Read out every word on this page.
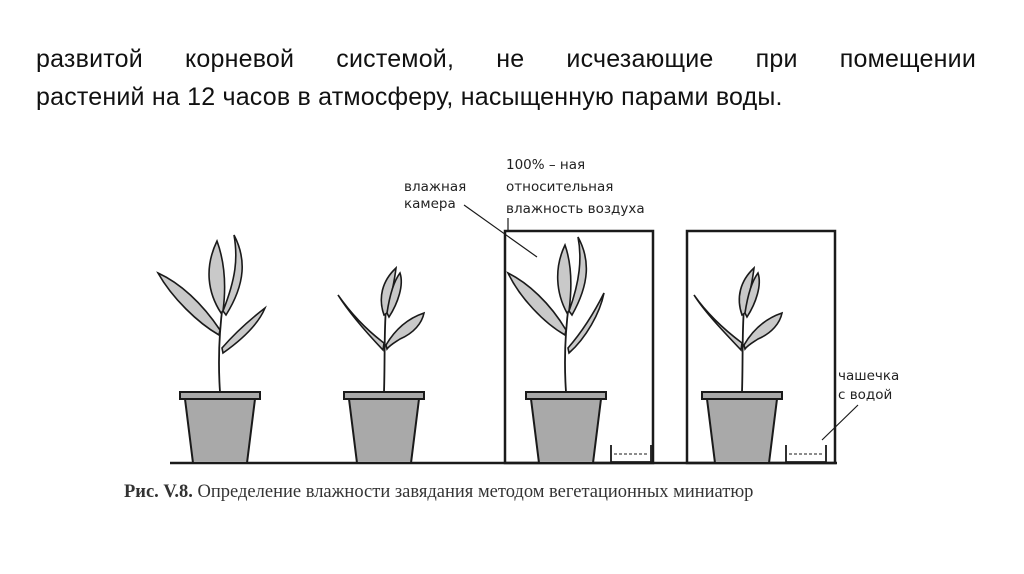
развитой корневой системой, не исчезающие при помещении
растений на 12 часов в атмосферу, насыщенную парами воды.
влажная
камера
100% – ная
относительная
влажность воздуха
чашечка
с водой
Рис. V.8. Определение влажности завядания методом вегетационных миниатюр
